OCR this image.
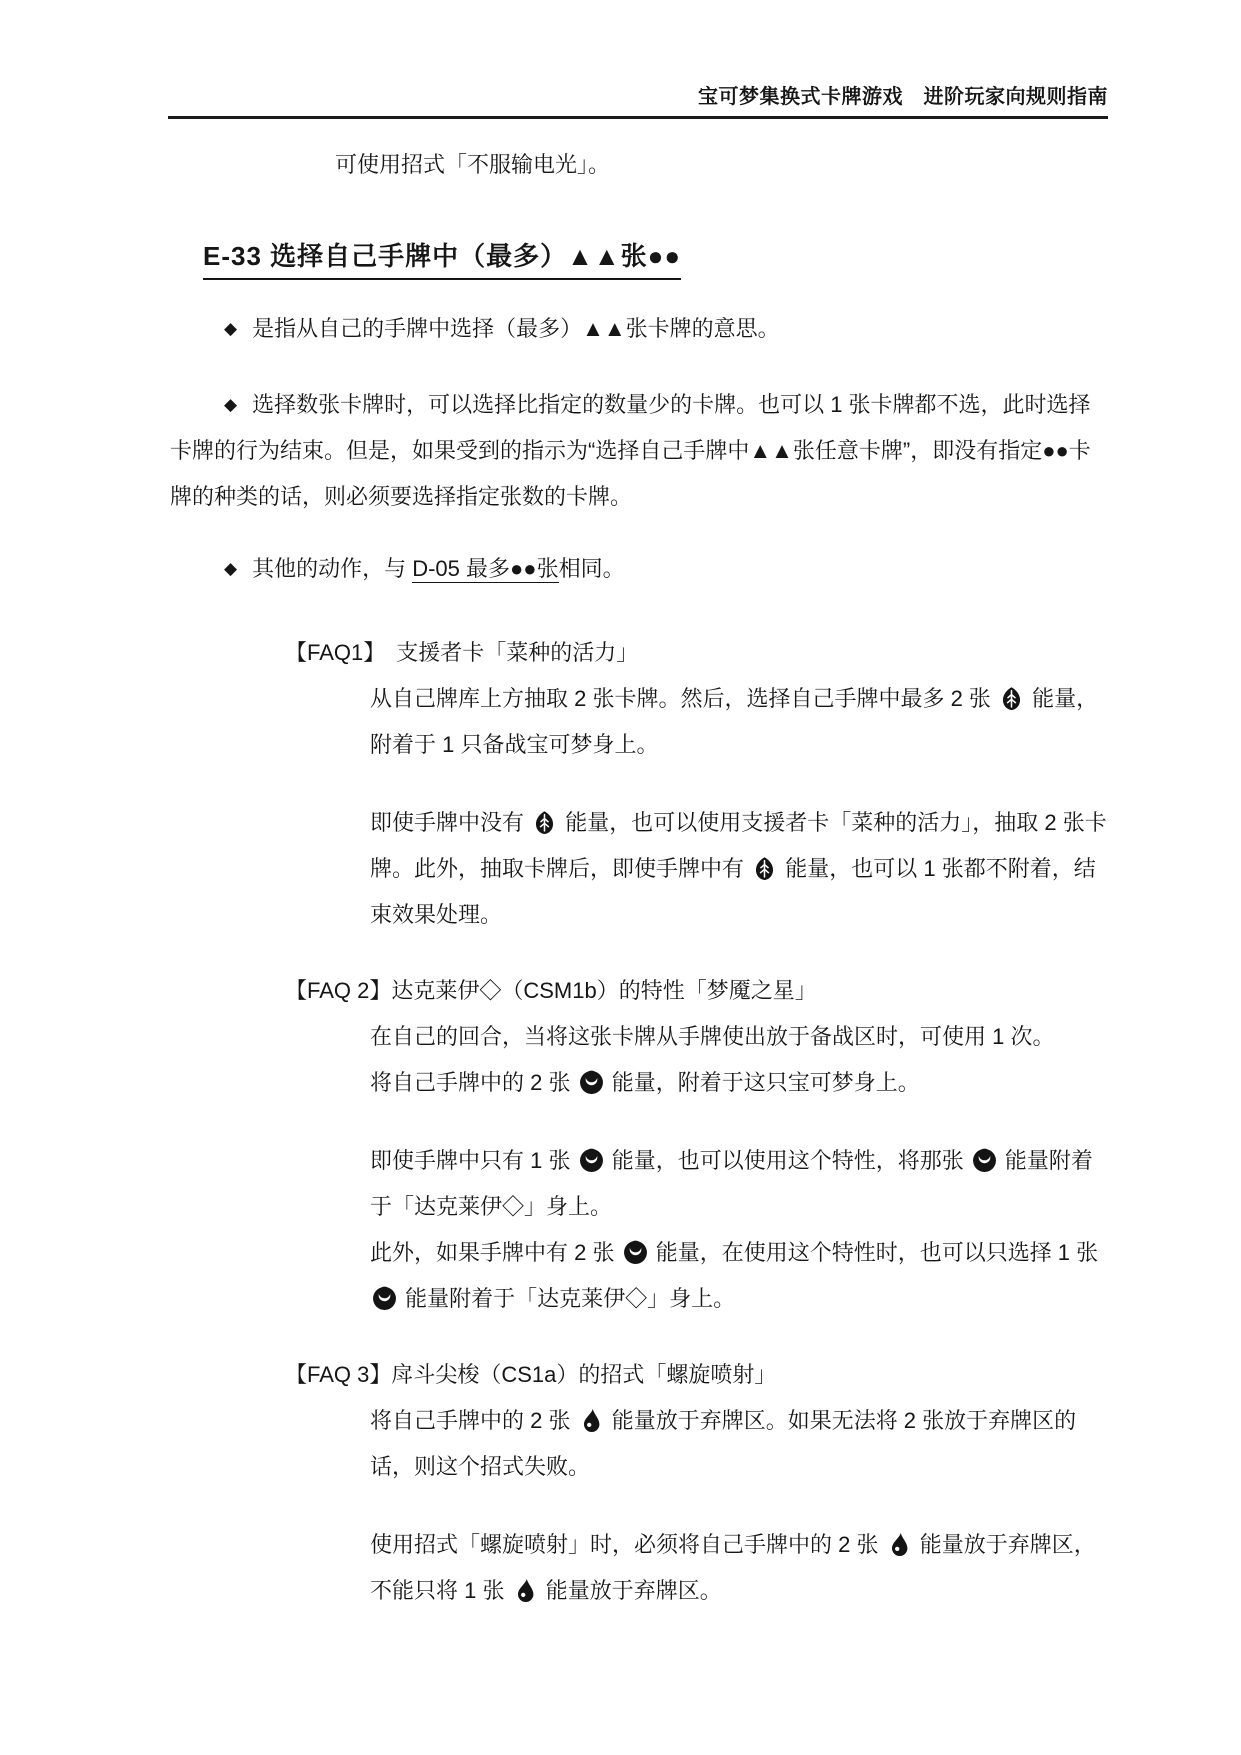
宝可梦集换式卡牌游戏　进阶玩家向规则指南

可使用招式「不服输电光」。

E-33 选择自己手牌中（最多）▲▲张●●

◆ 是指从自己的手牌中选择（最多）▲▲张卡牌的意思。

◆ 选择数张卡牌时，可以选择比指定的数量少的卡牌。也可以 1 张卡牌都不选，此时选择卡牌的行为结束。但是，如果受到的指示为“选择自己手牌中▲▲张任意卡牌”，即没有指定●●卡牌的种类的话，则必须要选择指定张数的卡牌。

◆ 其他的动作，与 D-05 最多●●张相同。

【FAQ1】　支援者卡「菜种的活力」

从自己牌库上方抽取 2 张卡牌。然后，选择自己手牌中最多 2 张
能量，附着于 1 只备战宝可梦身上。

即使手牌中没有
能量，也可以使用支援者卡「菜种的活力」，抽取 2 张卡牌。此外，抽取卡牌后，即使手牌中有
能量，也可以 1 张都不附着，结束效果处理。

【FAQ 2】达克莱伊◇（CSM1b）的特性「梦魇之星」

在自己的回合，当将这张卡牌从手牌使出放于备战区时，可使用 1 次。

将自己手牌中的 2 张
能量，附着于这只宝可梦身上。

即使手牌中只有 1 张
能量，也可以使用这个特性，将那张
能量附着于「达克莱伊◇」身上。

此外，如果手牌中有 2 张
能量，在使用这个特性时，也可以只选择 1 张
能量附着于「达克莱伊◇」身上。

【FAQ 3】戽斗尖梭（CS1a）的招式「螺旋喷射」

将自己手牌中的 2 张
能量放于弃牌区。如果无法将 2 张放于弃牌区的话，则这个招式失败。

使用招式「螺旋喷射」时，必须将自己手牌中的 2 张
能量放于弃牌区，不能只将 1 张
能量放于弃牌区。
